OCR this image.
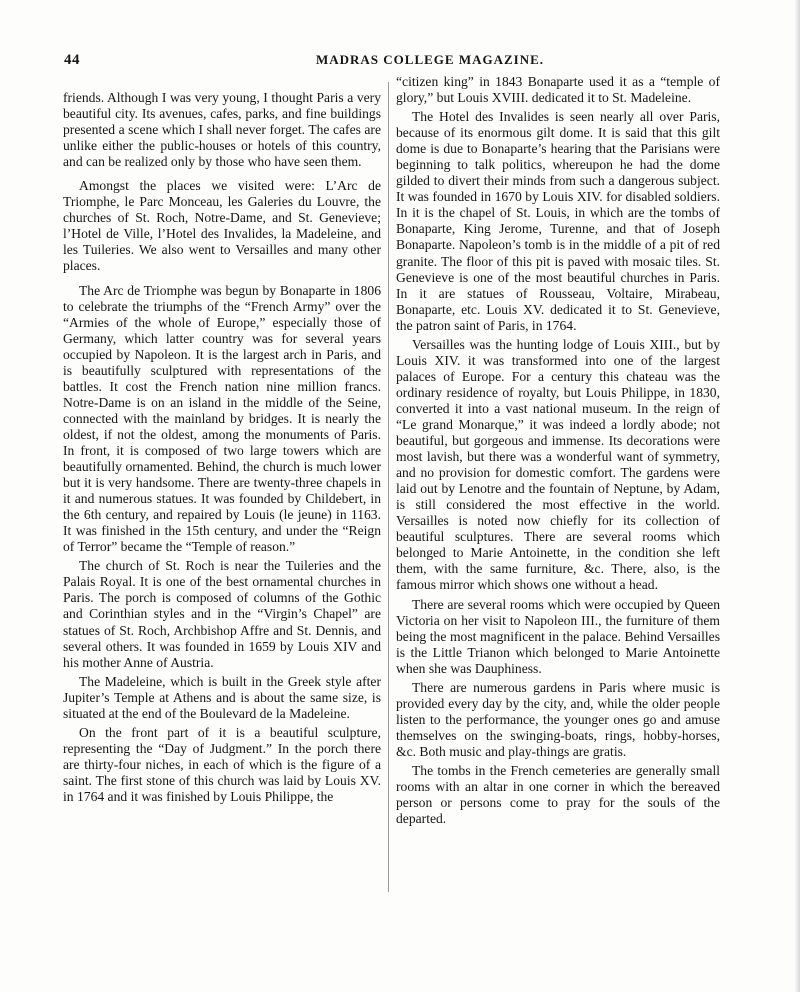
44	MADRAS COLLEGE MAGAZINE.

friends. Although I was very young, I thought Paris a very beautiful city. Its avenues, cafes, parks, and fine buildings presented a scene which I shall never forget. The cafes are unlike either the public-houses or hotels of this country, and can be realized only by those who have seen them.

Amongst the places we visited were: L’Arc de Triomphe, le Parc Monceau, les Galeries du Louvre, the churches of St. Roch, Notre-Dame, and St. Genevieve; l’Hotel de Ville, l’Hotel des Invalides, la Madeleine, and les Tuileries. We also went to Versailles and many other places.

The Arc de Triomphe was begun by Bonaparte in 1806 to celebrate the triumphs of the “French Army” over the “Armies of the whole of Europe,” especially those of Germany, which latter country was for several years occupied by Napoleon. It is the largest arch in Paris, and is beautifully sculptured with representations of the battles. It cost the French nation nine million francs. Notre-Dame is on an island in the middle of the Seine, connected with the mainland by bridges. It is nearly the oldest, if not the oldest, among the monuments of Paris. In front, it is composed of two large towers which are beautifully ornamented. Behind, the church is much lower but it is very handsome. There are twenty-three chapels in it and numerous statues. It was founded by Childebert, in the 6th century, and repaired by Louis (le jeune) in 1163. It was finished in the 15th century, and under the “Reign of Terror” became the “Temple of reason.”

The church of St. Roch is near the Tuileries and the Palais Royal. It is one of the best ornamental churches in Paris. The porch is composed of columns of the Gothic and Corinthian styles and in the “Virgin’s Chapel” are statues of St. Roch, Archbishop Affre and St. Dennis, and several others. It was founded in 1659 by Louis XIV and his mother Anne of Austria.

The Madeleine, which is built in the Greek style after Jupiter’s Temple at Athens and is about the same size, is situated at the end of the Boulevard de la Madeleine.

On the front part of it is a beautiful sculpture, representing the “Day of Judgment.” In the porch there are thirty-four niches, in each of which is the figure of a saint. The first stone of this church was laid by Louis XV. in 1764 and it was finished by Louis Philippe, the

“citizen king” in 1843 Bonaparte used it as a “temple of glory,” but Louis XVIII. dedicated it to St. Madeleine.

The Hotel des Invalides is seen nearly all over Paris, because of its enormous gilt dome. It is said that this gilt dome is due to Bonaparte’s hearing that the Parisians were beginning to talk politics, whereupon he had the dome gilded to divert their minds from such a dangerous subject. It was founded in 1670 by Louis XIV. for disabled soldiers. In it is the chapel of St. Louis, in which are the tombs of Bonaparte, King Jerome, Turenne, and that of Joseph Bonaparte. Napoleon’s tomb is in the middle of a pit of red granite. The floor of this pit is paved with mosaic tiles. St. Genevieve is one of the most beautiful churches in Paris. In it are statues of Rousseau, Voltaire, Mirabeau, Bonaparte, etc. Louis XV. dedicated it to St. Genevieve, the patron saint of Paris, in 1764.

Versailles was the hunting lodge of Louis XIII., but by Louis XIV. it was transformed into one of the largest palaces of Europe. For a century this chateau was the ordinary residence of royalty, but Louis Philippe, in 1830, converted it into a vast national museum. In the reign of “Le grand Monarque,” it was indeed a lordly abode; not beautiful, but gorgeous and immense. Its decorations were most lavish, but there was a wonderful want of symmetry, and no provision for domestic comfort. The gardens were laid out by Lenotre and the fountain of Neptune, by Adam, is still considered the most effective in the world. Versailles is noted now chiefly for its collection of beautiful sculptures. There are several rooms which belonged to Marie Antoinette, in the condition she left them, with the same furniture, &c. There, also, is the famous mirror which shows one without a head.

There are several rooms which were occupied by Queen Victoria on her visit to Napoleon III., the furniture of them being the most magnificent in the palace. Behind Versailles is the Little Trianon which belonged to Marie Antoinette when she was Dauphiness.

There are numerous gardens in Paris where music is provided every day by the city, and, while the older people listen to the performance, the younger ones go and amuse themselves on the swinging-boats, rings, hobby-horses, &c. Both music and play-things are gratis.

The tombs in the French cemeteries are generally small rooms with an altar in one corner in which the bereaved person or persons come to pray for the souls of the departed.
